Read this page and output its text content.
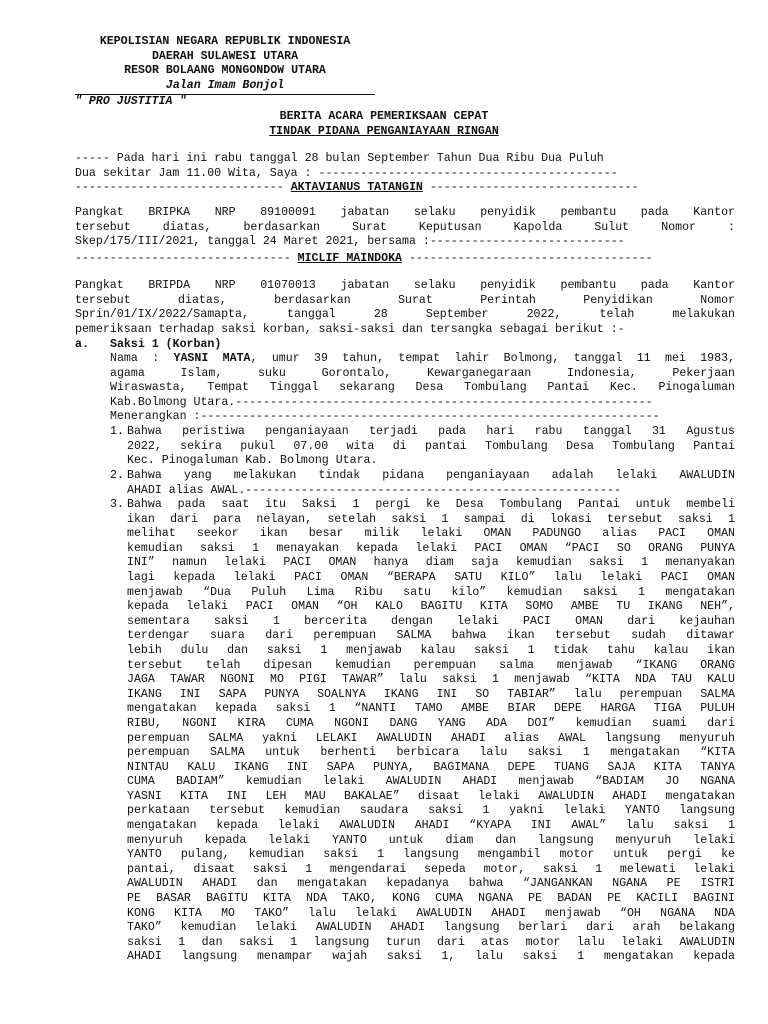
KEPOLISIAN NEGARA REPUBLIK INDONESIA
DAERAH SULAWESI UTARA
RESOR BOLAANG MONGONDOW UTARA
Jalan Imam Bonjol
" PRO JUSTITIA "
BERITA ACARA PEMERIKSAAN CEPAT
TINDAK PIDANA PENGANIAYAAN RINGAN
----- Pada hari ini rabu tanggal 28 bulan September Tahun Dua Ribu Dua Puluh
Dua sekitar Jam 11.00 Wita, Saya : -------------------------------------------
------------------------------ AKTAVIANUS TATANGIN ------------------------------
Pangkat BRIPKA NRP 89100091 jabatan selaku penyidik pembantu pada Kantor
tersebut diatas, berdasarkan Surat Keputusan Kapolda Sulut Nomor :
Skep/175/III/2021, tanggal 24 Maret 2021, bersama :----------------------------
------------------------------- MICLIF MAINDOKA -----------------------------------
Pangkat BRIPDA NRP 01070013 jabatan selaku penyidik pembantu pada Kantor
tersebut diatas, berdasarkan Surat Perintah Penyidikan Nomor
Sprin/01/IX/2022/Samapta, tanggal 28 September 2022, telah melakukan
pemeriksaan terhadap saksi korban, saksi-saksi dan tersangka sebagai berikut :-
a. Saksi 1 (Korban)
Nama : YASNI MATA, umur 39 tahun, tempat lahir Bolmong, tanggal 11 mei 1983,
agama Islam, suku Gorontalo, Kewarganegaraan Indonesia, Pekerjaan
Wiraswasta, Tempat Tinggal sekarang Desa Tombulang Pantai Kec. Pinogaluman
Kab.Bolmong Utara.------------------------------------------------------------
Menerangkan :------------------------------------------------------------------
1. Bahwa peristiwa penganiayaan terjadi pada hari rabu tanggal 31 Agustus
2022, sekira pukul 07.00 wita di pantai Tombulang Desa Tombulang Pantai
Kec. Pinogaluman Kab. Bolmong Utara.
2. Bahwa yang melakukan tindak pidana penganiayaan adalah lelaki AWALUDIN
AHADI alias AWAL.------------------------------------------------------
3. Bahwa pada saat itu Saksi 1 pergi ke Desa Tombulang Pantai untuk membeli
ikan dari para nelayan, setelah saksi 1 sampai di lokasi tersebut saksi 1
melihat seekor ikan besar milik lelaki OMAN PADUNGO alias PACI OMAN
kemudian saksi 1 menayakan kepada lelaki PACI OMAN “PACI SO ORANG PUNYA
INI” namun lelaki PACI OMAN hanya diam saja kemudian saksi 1 menanyakan
lagi kepada lelaki PACI OMAN “BERAPA SATU KILO” lalu lelaki PACI OMAN
menjawab “Dua Puluh Lima Ribu satu kilo” kemudian saksi 1 mengatakan
kepada lelaki PACI OMAN “OH KALO BAGITU KITA SOMO AMBE TU IKANG NEH”,
sementara saksi 1 bercerita dengan lelaki PACI OMAN dari kejauhan
terdengar suara dari perempuan SALMA bahwa ikan tersebut sudah ditawar
lebih dulu dan saksi 1 menjawab kalau saksi 1 tidak tahu kalau ikan
tersebut telah dipesan kemudian perempuan salma menjawab “IKANG ORANG
JAGA TAWAR NGONI MO PIGI TAWAR” lalu saksi 1 menjawab “KITA NDA TAU KALU
IKANG INI SAPA PUNYA SOALNYA IKANG INI SO TABIAR” lalu perempuan SALMA
mengatakan kepada saksi 1 “NANTI TAMO AMBE BIAR DEPE HARGA TIGA PULUH
RIBU, NGONI KIRA CUMA NGONI DANG YANG ADA DOI” kemudian suami dari
perempuan SALMA yakni LELAKI AWALUDIN AHADI alias AWAL langsung menyuruh
perempuan SALMA untuk berhenti berbicara lalu saksi 1 mengatakan “KITA
NINTAU KALU IKANG INI SAPA PUNYA, BAGIMANA DEPE TUANG SAJA KITA TANYA
CUMA BADIAM” kemudian lelaki AWALUDIN AHADI menjawab “BADIAM JO NGANA
YASNI KITA INI LEH MAU BAKALAE” disaat lelaki AWALUDIN AHADI mengatakan
perkataan tersebut kemudian saudara saksi 1 yakni lelaki YANTO langsung
mengatakan kepada lelaki AWALUDIN AHADI “KYAPA INI AWAL” lalu saksi 1
menyuruh kepada lelaki YANTO untuk diam dan langsung menyuruh lelaki
YANTO pulang, kemudian saksi 1 langsung mengambil motor untuk pergi ke
pantai, disaat saksi 1 mengendarai sepeda motor, saksi 1 melewati lelaki
AWALUDIN AHADI dan mengatakan kepadanya bahwa “JANGANKAN NGANA PE ISTRI
PE BASAR BAGITU KITA NDA TAKO, KONG CUMA NGANA PE BADAN PE KACILI BAGINI
KONG KITA MO TAKO” lalu lelaki AWALUDIN AHADI menjawab “OH NGANA NDA
TAKO” kemudian lelaki AWALUDIN AHADI langsung berlari dari arah belakang
saksi 1 dan saksi 1 langsung turun dari atas motor lalu lelaki AWALUDIN
AHADI langsung menampar wajah saksi 1, lalu saksi 1 mengatakan kepada
